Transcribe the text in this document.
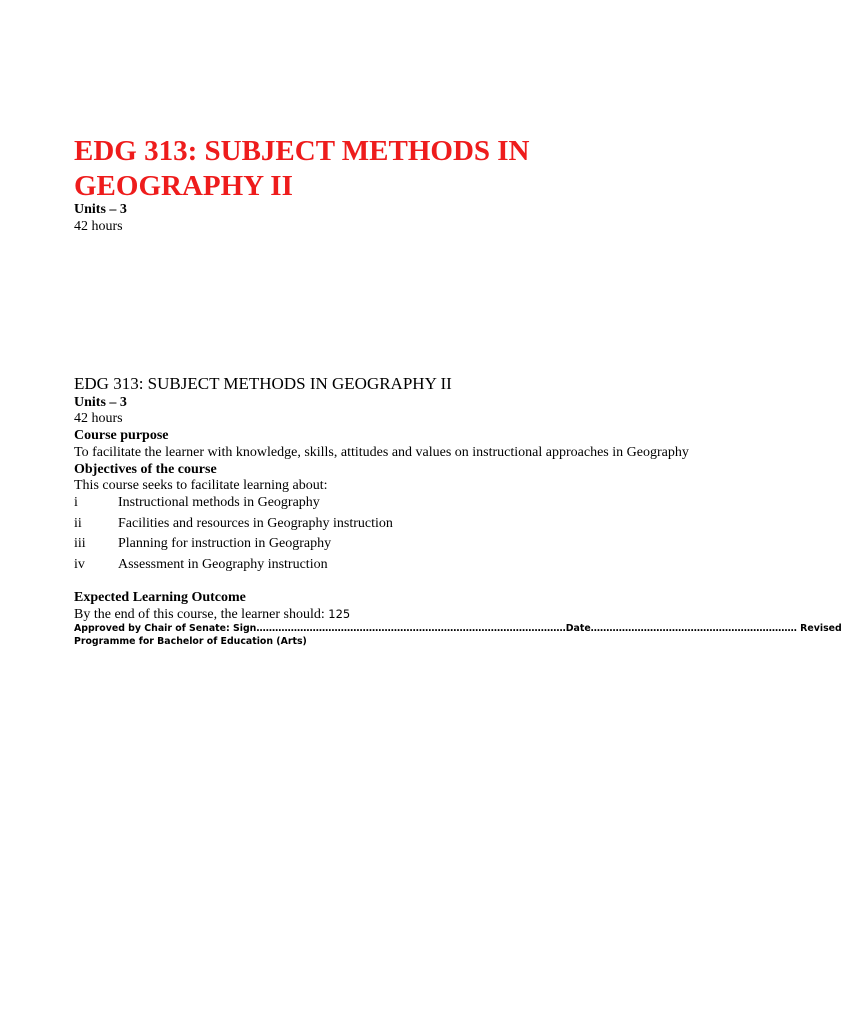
EDG 313: SUBJECT METHODS IN
GEOGRAPHY II
Units – 3
42 hours
EDG 313: SUBJECT METHODS IN GEOGRAPHY II
Units – 3
42 hours
Course purpose
To facilitate the learner with knowledge, skills, attitudes and values on instructional approaches in Geography
Objectives of the course
This course seeks to facilitate learning about:
i	Instructional methods in Geography
ii	Facilities and resources in Geography instruction
iii Planning for instruction in Geography
iv Assessment in Geography instruction
Expected Learning Outcome
By the end of this course, the learner should: 125
Approved by Chair of Senate: Sign………………………………………………………………………………………Date………………………………………………………… Revised
Programme for Bachelor of Education (Arts)
